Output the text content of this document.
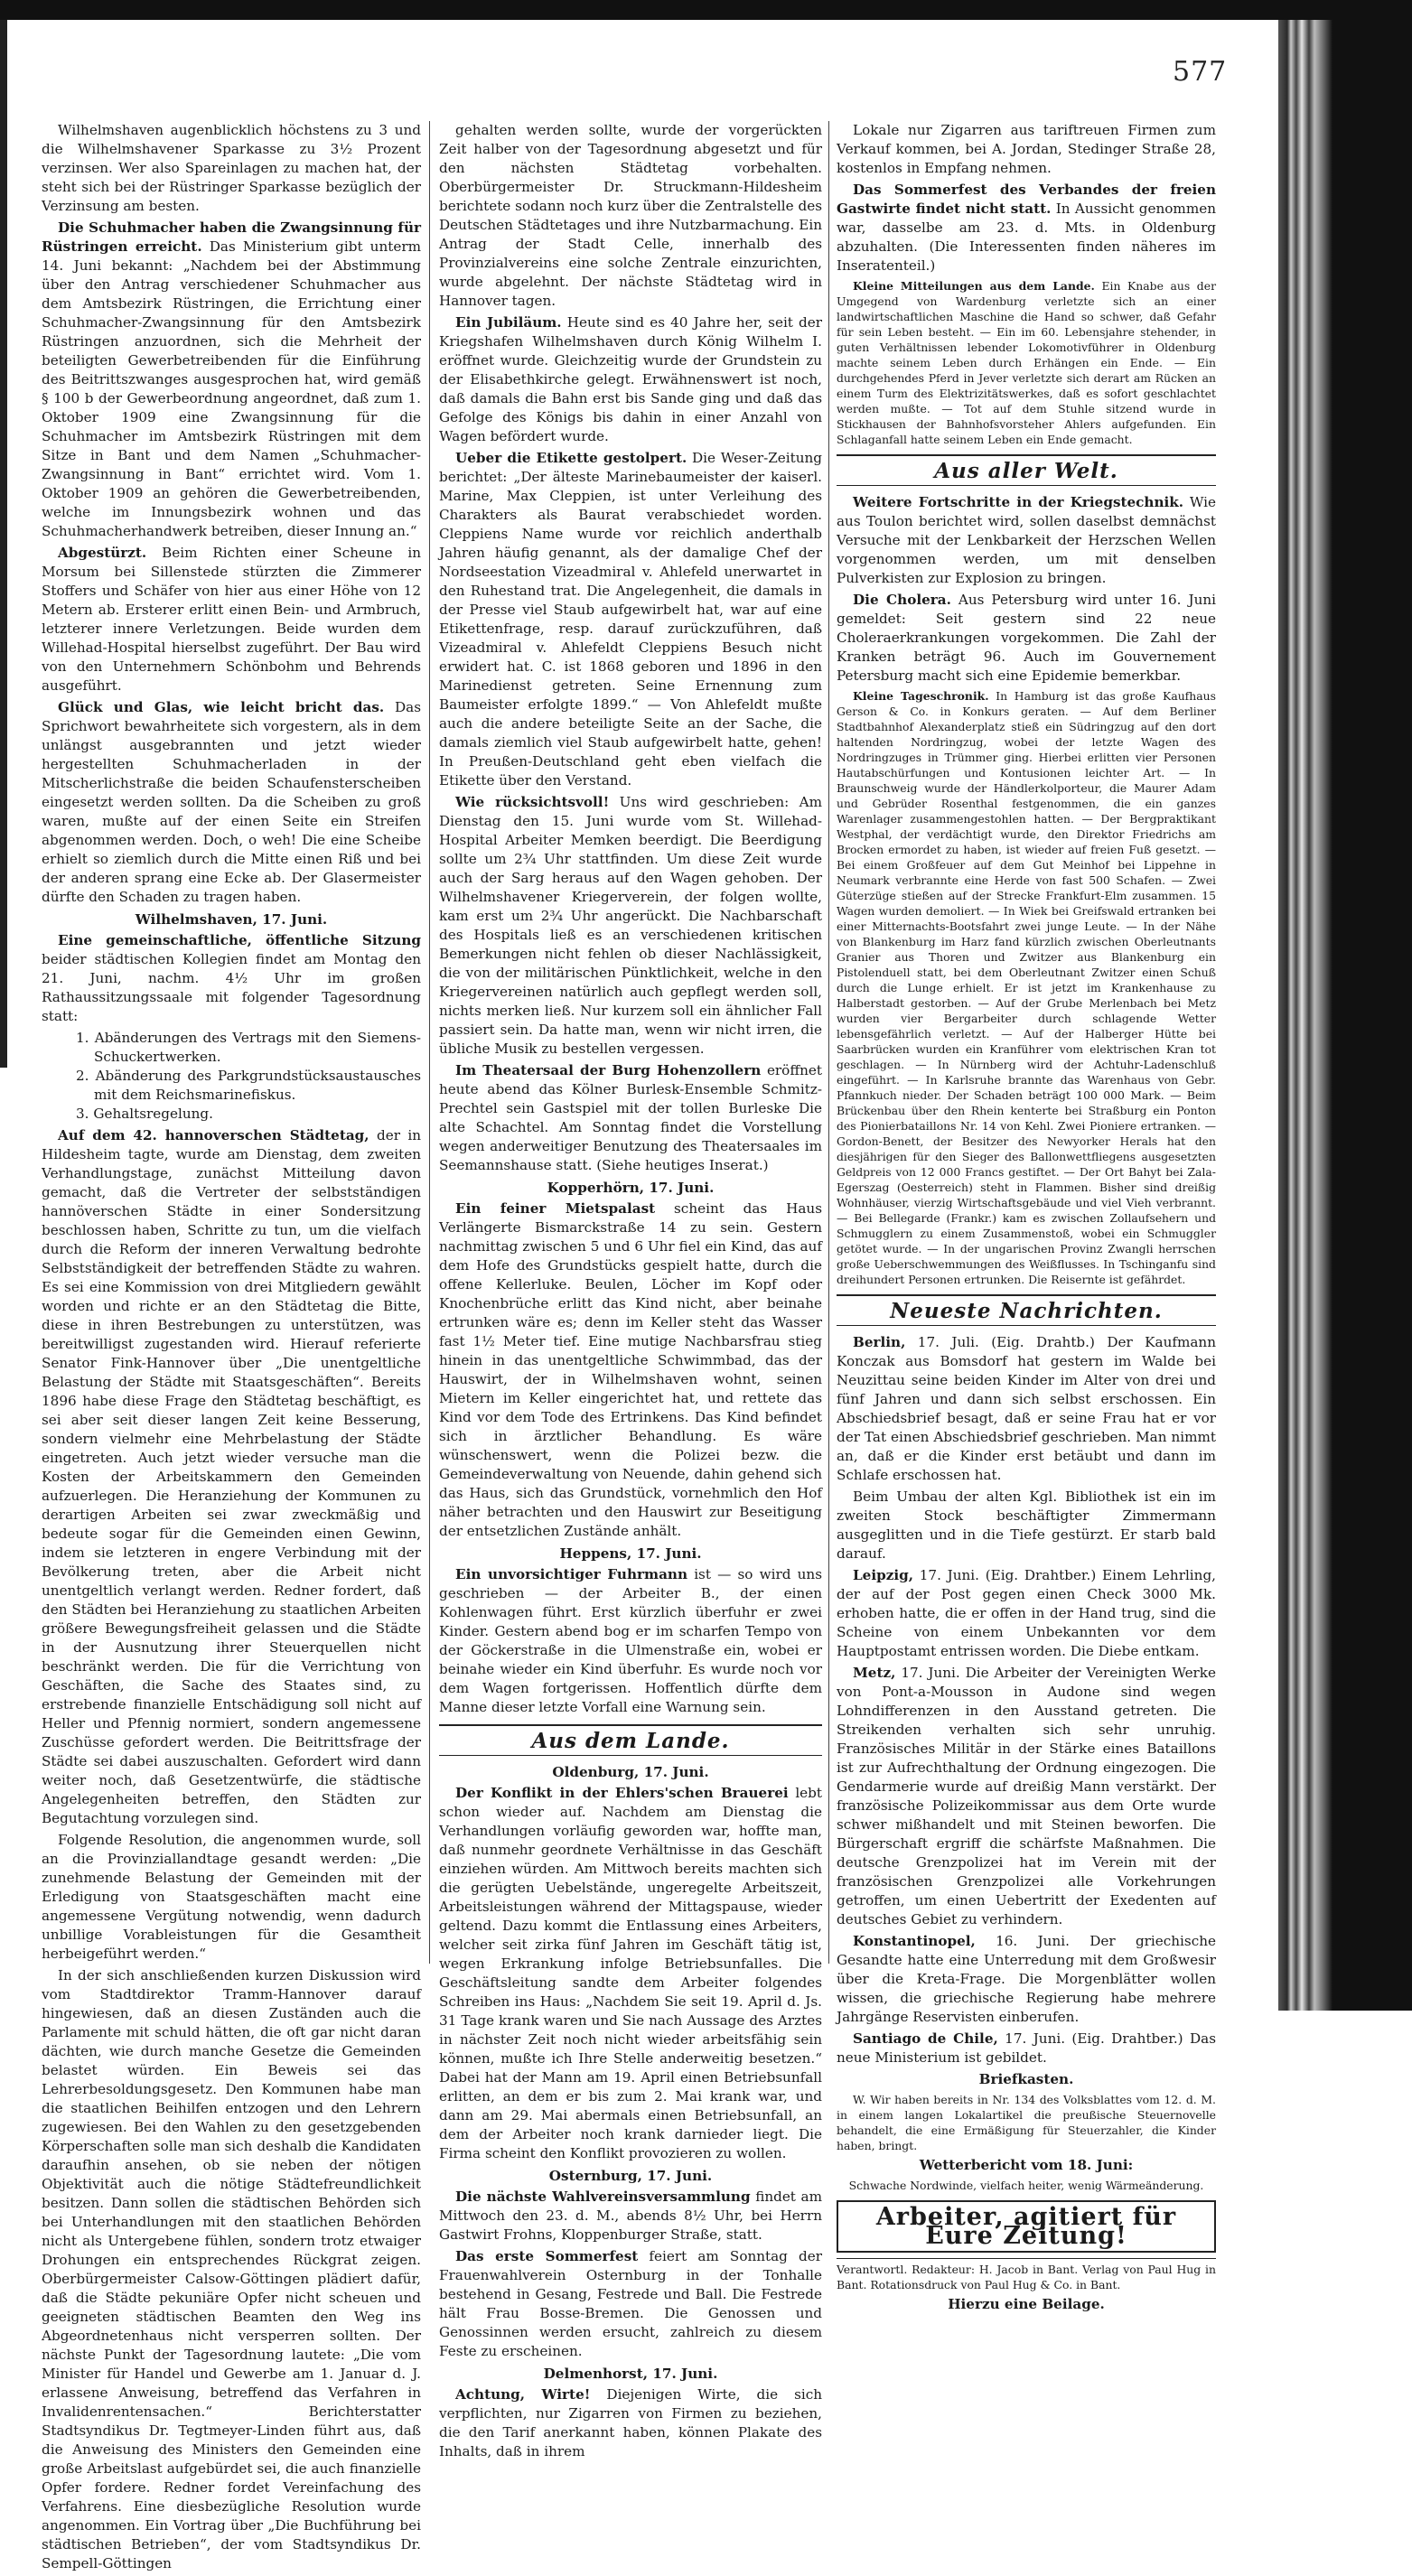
577

Wilhelmshaven augenblicklich höchstens zu 3 und die Wilhelmshavener Sparkasse zu 3½ Prozent verzinsen. Wer also Spareinlagen zu machen hat, der steht sich bei der Rüstringer Sparkasse bezüglich der Verzinsung am besten.

Die Schuhmacher haben die Zwangsinnung für Rüstringen erreicht. Das Ministerium gibt unterm 14. Juni bekannt: „Nachdem bei der Abstimmung über den Antrag verschiedener Schuhmacher aus dem Amtsbezirk Rüstringen, die Errichtung einer Schuhmacher-Zwangsinnung für den Amtsbezirk Rüstringen anzuordnen, sich die Mehrheit der beteiligten Gewerbetreibenden für die Einführung des Beitrittszwanges ausgesprochen hat, wird gemäß § 100 b der Gewerbeordnung angeordnet, daß zum 1. Oktober 1909 eine Zwangsinnung für die Schuhmacher im Amtsbezirk Rüstringen mit dem Sitze in Bant und dem Namen „Schuhmacher-Zwangsinnung in Bant“ errichtet wird. Vom 1. Oktober 1909 an gehören die Gewerbetreibenden, welche im Innungsbezirk wohnen und das Schuhmacherhandwerk betreiben, dieser Innung an.“

Abgestürzt. Beim Richten einer Scheune in Morsum bei Sillenstede stürzten die Zimmerer Stoffers und Schäfer von hier aus einer Höhe von 12 Metern ab. Ersterer erlitt einen Bein- und Armbruch, letzterer innere Verletzungen. Beide wurden dem Willehad-Hospital hierselbst zugeführt. Der Bau wird von den Unternehmern Schönbohm und Behrends ausgeführt.

Glück und Glas, wie leicht bricht das. Das Sprichwort bewahrheitete sich vorgestern, als in dem unlängst ausgebrannten und jetzt wieder hergestellten Schuhmacherladen in der Mitscherlichstraße die beiden Schaufensterscheiben eingesetzt werden sollten. Da die Scheiben zu groß waren, mußte auf der einen Seite ein Streifen abgenommen werden. Doch, o weh! Die eine Scheibe erhielt so ziemlich durch die Mitte einen Riß und bei der anderen sprang eine Ecke ab. Der Glasermeister dürfte den Schaden zu tragen haben.

Wilhelmshaven, 17. Juni.

Eine gemeinschaftliche, öffentliche Sitzung beider städtischen Kollegien findet am Montag den 21. Juni, nachm. 4½ Uhr im großen Rathaussitzungssaale mit folgender Tagesordnung statt:

1. Abänderungen des Vertrags mit den Siemens-Schuckertwerken.
2. Abänderung des Parkgrundstücksaustausches mit dem Reichsmarinefiskus.
3. Gehaltsregelung.

Auf dem 42. hannoverschen Städtetag, der in Hildesheim tagte, wurde am Dienstag, dem zweiten Verhandlungstage, zunächst Mitteilung davon gemacht, daß die Vertreter der selbstständigen hannöverschen Städte in einer Sondersitzung beschlossen haben, Schritte zu tun, um die vielfach durch die Reform der inneren Verwaltung bedrohte Selbstständigkeit der betreffenden Städte zu wahren. Es sei eine Kommission von drei Mitgliedern gewählt worden und richte er an den Städtetag die Bitte, diese in ihren Bestrebungen zu unterstützen, was bereitwilligst zugestanden wird. Hierauf referierte Senator Fink-Hannover über „Die unentgeltliche Belastung der Städte mit Staatsgeschäften“. Bereits 1896 habe diese Frage den Städtetag beschäftigt, es sei aber seit dieser langen Zeit keine Besserung, sondern vielmehr eine Mehrbelastung der Städte eingetreten. Auch jetzt wieder versuche man die Kosten der Arbeitskammern den Gemeinden aufzuerlegen. Die Heranziehung der Kommunen zu derartigen Arbeiten sei zwar zweckmäßig und bedeute sogar für die Gemeinden einen Gewinn, indem sie letzteren in engere Verbindung mit der Bevölkerung treten, aber die Arbeit nicht unentgeltlich verlangt werden. Redner fordert, daß den Städten bei Heranziehung zu staatlichen Arbeiten größere Bewegungsfreiheit gelassen und die Städte in der Ausnutzung ihrer Steuerquellen nicht beschränkt werden. Die für die Verrichtung von Geschäften, die Sache des Staates sind, zu erstrebende finanzielle Entschädigung soll nicht auf Heller und Pfennig normiert, sondern angemessene Zuschüsse gefordert werden. Die Beitrittsfrage der Städte sei dabei auszuschalten. Gefordert wird dann weiter noch, daß Gesetzentwürfe, die städtische Angelegenheiten betreffen, den Städten zur Begutachtung vorzulegen sind.

Folgende Resolution, die angenommen wurde, soll an die Provinziallandtage gesandt werden: „Die zunehmende Belastung der Gemeinden mit der Erledigung von Staatsgeschäften macht eine angemessene Vergütung notwendig, wenn dadurch unbillige Vorableistungen für die Gesamtheit herbeigeführt werden.“

In der sich anschließenden kurzen Diskussion wird vom Stadtdirektor Tramm-Hannover darauf hingewiesen, daß an diesen Zuständen auch die Parlamente mit schuld hätten, die oft gar nicht daran dächten, wie durch manche Gesetze die Gemeinden belastet würden. Ein Beweis sei das Lehrerbesoldungsgesetz. Den Kommunen habe man die staatlichen Beihilfen entzogen und den Lehrern zugewiesen. Bei den Wahlen zu den gesetzgebenden Körperschaften solle man sich deshalb die Kandidaten daraufhin ansehen, ob sie neben der nötigen Objektivität auch die nötige Städtefreundlichkeit besitzen. Dann sollen die städtischen Behörden sich bei Unterhandlungen mit den staatlichen Behörden nicht als Untergebene fühlen, sondern trotz etwaiger Drohungen ein entsprechendes Rückgrat zeigen. Oberbürgermeister Calsow-Göttingen plädiert dafür, daß die Städte pekuniäre Opfer nicht scheuen und geeigneten städtischen Beamten den Weg ins Abgeordnetenhaus nicht versperren sollten. Der nächste Punkt der Tagesordnung lautete: „Die vom Minister für Handel und Gewerbe am 1. Januar d. J. erlassene Anweisung, betreffend das Verfahren in Invalidenrentensachen.“ Berichterstatter Stadtsyndikus Dr. Tegtmeyer-Linden führt aus, daß die Anweisung des Ministers den Gemeinden eine große Arbeitslast aufgebürdet sei, die auch finanzielle Opfer fordere. Redner fordet Vereinfachung des Verfahrens. Eine diesbezügliche Resolution wurde angenommen. Ein Vortrag über „Die Buchführung bei städtischen Betrieben“, der vom Stadtsyndikus Dr. Sempell-Göttingen

gehalten werden sollte, wurde der vorgerückten Zeit halber von der Tagesordnung abgesetzt und für den nächsten Städtetag vorbehalten. Oberbürgermeister Dr. Struckmann-Hildesheim berichtete sodann noch kurz über die Zentralstelle des Deutschen Städtetages und ihre Nutzbarmachung. Ein Antrag der Stadt Celle, innerhalb des Provinzialvereins eine solche Zentrale einzurichten, wurde abgelehnt. Der nächste Städtetag wird in Hannover tagen.

Ein Jubiläum. Heute sind es 40 Jahre her, seit der Kriegshafen Wilhelmshaven durch König Wilhelm I. eröffnet wurde. Gleichzeitig wurde der Grundstein zu der Elisabethkirche gelegt. Erwähnenswert ist noch, daß damals die Bahn erst bis Sande ging und daß das Gefolge des Königs bis dahin in einer Anzahl von Wagen befördert wurde.

Ueber die Etikette gestolpert. Die Weser-Zeitung berichtet: „Der älteste Marinebaumeister der kaiserl. Marine, Max Cleppien, ist unter Verleihung des Charakters als Baurat verabschiedet worden. Cleppiens Name wurde vor reichlich anderthalb Jahren häufig genannt, als der damalige Chef der Nordseestation Vizeadmiral v. Ahlefeld unerwartet in den Ruhestand trat. Die Angelegenheit, die damals in der Presse viel Staub aufgewirbelt hat, war auf eine Etikettenfrage, resp. darauf zurückzuführen, daß Vizeadmiral v. Ahlefeldt Cleppiens Besuch nicht erwidert hat. C. ist 1868 geboren und 1896 in den Marinedienst getreten. Seine Ernennung zum Baumeister erfolgte 1899.“ — Von Ahlefeldt mußte auch die andere beteiligte Seite an der Sache, die damals ziemlich viel Staub aufgewirbelt hatte, gehen! In Preußen-Deutschland geht eben vielfach die Etikette über den Verstand.

Wie rücksichtsvoll! Uns wird geschrieben: Am Dienstag den 15. Juni wurde vom St. Willehad-Hospital Arbeiter Memken beerdigt. Die Beerdigung sollte um 2¾ Uhr stattfinden. Um diese Zeit wurde auch der Sarg heraus auf den Wagen gehoben. Der Wilhelmshavener Kriegerverein, der folgen wollte, kam erst um 2¾ Uhr angerückt. Die Nachbarschaft des Hospitals ließ es an verschiedenen kritischen Bemerkungen nicht fehlen ob dieser Nachlässigkeit, die von der militärischen Pünktlichkeit, welche in den Kriegervereinen natürlich auch gepflegt werden soll, nichts merken ließ. Nur kurzem soll ein ähnlicher Fall passiert sein. Da hatte man, wenn wir nicht irren, die übliche Musik zu bestellen vergessen.

Im Theatersaal der Burg Hohenzollern eröffnet heute abend das Kölner Burlesk-Ensemble Schmitz-Prechtel sein Gastspiel mit der tollen Burleske Die alte Schachtel. Am Sonntag findet die Vorstellung wegen anderweitiger Benutzung des Theatersaales im Seemannshause statt. (Siehe heutiges Inserat.)

Kopperhörn, 17. Juni.

Ein feiner Mietspalast scheint das Haus Verlängerte Bismarckstraße 14 zu sein. Gestern nachmittag zwischen 5 und 6 Uhr fiel ein Kind, das auf dem Hofe des Grundstücks gespielt hatte, durch die offene Kellerluke. Beulen, Löcher im Kopf oder Knochenbrüche erlitt das Kind nicht, aber beinahe ertrunken wäre es; denn im Keller steht das Wasser fast 1½ Meter tief. Eine mutige Nachbarsfrau stieg hinein in das unentgeltliche Schwimmbad, das der Hauswirt, der in Wilhelmshaven wohnt, seinen Mietern im Keller eingerichtet hat, und rettete das Kind vor dem Tode des Ertrinkens. Das Kind befindet sich in ärztlicher Behandlung. Es wäre wünschenswert, wenn die Polizei bezw. die Gemeindeverwaltung von Neuende, dahin gehend sich das Haus, sich das Grundstück, vornehmlich den Hof näher betrachten und den Hauswirt zur Beseitigung der entsetzlichen Zustände anhält.

Heppens, 17. Juni.

Ein unvorsichtiger Fuhrmann ist — so wird uns geschrieben — der Arbeiter B., der einen Kohlenwagen führt. Erst kürzlich überfuhr er zwei Kinder. Gestern abend bog er im scharfen Tempo von der Göckerstraße in die Ulmenstraße ein, wobei er beinahe wieder ein Kind überfuhr. Es wurde noch vor dem Wagen fortgerissen. Hoffentlich dürfte dem Manne dieser letzte Vorfall eine Warnung sein.

Aus dem Lande.

Oldenburg, 17. Juni.

Der Konflikt in der Ehlers'schen Brauerei lebt schon wieder auf. Nachdem am Dienstag die Verhandlungen vorläufig geworden war, hoffte man, daß nunmehr geordnete Verhältnisse in das Geschäft einziehen würden. Am Mittwoch bereits machten sich die gerügten Uebelstände, ungeregelte Arbeitszeit, Arbeitsleistungen während der Mittagspause, wieder geltend. Dazu kommt die Entlassung eines Arbeiters, welcher seit zirka fünf Jahren im Geschäft tätig ist, wegen Erkrankung infolge Betriebsunfalles. Die Geschäftsleitung sandte dem Arbeiter folgendes Schreiben ins Haus: „Nachdem Sie seit 19. April d. Js. 31 Tage krank waren und Sie nach Aussage des Arztes in nächster Zeit noch nicht wieder arbeitsfähig sein können, mußte ich Ihre Stelle anderweitig besetzen.“ Dabei hat der Mann am 19. April einen Betriebsunfall erlitten, an dem er bis zum 2. Mai krank war, und dann am 29. Mai abermals einen Betriebsunfall, an dem der Arbeiter noch krank darnieder liegt. Die Firma scheint den Konflikt provozieren zu wollen.

Osternburg, 17. Juni.

Die nächste Wahlvereinsversammlung findet am Mittwoch den 23. d. M., abends 8½ Uhr, bei Herrn Gastwirt Frohns, Kloppenburger Straße, statt.

Das erste Sommerfest feiert am Sonntag der Frauenwahlverein Osternburg in der Tonhalle bestehend in Gesang, Festrede und Ball. Die Festrede hält Frau Bosse-Bremen. Die Genossen und Genossinnen werden ersucht, zahlreich zu diesem Feste zu erscheinen.

Delmenhorst, 17. Juni.

Achtung, Wirte! Diejenigen Wirte, die sich verpflichten, nur Zigarren von Firmen zu beziehen, die den Tarif anerkannt haben, können Plakate des Inhalts, daß in ihrem

Lokale nur Zigarren aus tariftreuen Firmen zum Verkauf kommen, bei A. Jordan, Stedinger Straße 28, kostenlos in Empfang nehmen.

Das Sommerfest des Verbandes der freien Gastwirte findet nicht statt. In Aussicht genommen war, dasselbe am 23. d. Mts. in Oldenburg abzuhalten. (Die Interessenten finden näheres im Inseratenteil.)

Kleine Mitteilungen aus dem Lande. Ein Knabe aus der Umgegend von Wardenburg verletzte sich an einer landwirtschaftlichen Maschine die Hand so schwer, daß Gefahr für sein Leben besteht. — Ein im 60. Lebensjahre stehender, in guten Verhältnissen lebender Lokomotivführer in Oldenburg machte seinem Leben durch Erhängen ein Ende. — Ein durchgehendes Pferd in Jever verletzte sich derart am Rücken an einem Turm des Elektrizitätswerkes, daß es sofort geschlachtet werden mußte. — Tot auf dem Stuhle sitzend wurde in Stickhausen der Bahnhofsvorsteher Ahlers aufgefunden. Ein Schlaganfall hatte seinem Leben ein Ende gemacht.

Aus aller Welt.

Weitere Fortschritte in der Kriegstechnik. Wie aus Toulon berichtet wird, sollen daselbst demnächst Versuche mit der Lenkbarkeit der Herzschen Wellen vorgenommen werden, um mit denselben Pulverkisten zur Explosion zu bringen.

Die Cholera. Aus Petersburg wird unter 16. Juni gemeldet: Seit gestern sind 22 neue Cholerаerkrankungen vorgekommen. Die Zahl der Kranken beträgt 96. Auch im Gouvernement Petersburg macht sich eine Epidemie bemerkbar.

Kleine Tageschronik. In Hamburg ist das große Kaufhaus Gerson & Co. in Konkurs geraten. — Auf dem Berliner Stadtbahnhof Alexanderplatz stieß ein Südringzug auf den dort haltenden Nordringzug, wobei der letzte Wagen des Nordringzuges in Trümmer ging. Hierbei erlitten vier Personen Hautabschürfungen und Kontusionen leichter Art. — In Braunschweig wurde der Händlerkolporteur, die Maurer Adam und Gebrüder Rosenthal festgenommen, die ein ganzes Warenlager zusammengestohlen hatten. — Der Bergpraktikant Westphal, der verdächtigt wurde, den Direktor Friedrichs am Brocken ermordet zu haben, ist wieder auf freien Fuß gesetzt. — Bei einem Großfeuer auf dem Gut Meinhof bei Lippehne in Neumark verbrannte eine Herde von fast 500 Schafen. — Zwei Güterzüge stießen auf der Strecke Frankfurt-Elm zusammen. 15 Wagen wurden demoliert. — In Wiek bei Greifswald ertranken bei einer Mitternachts-Bootsfahrt zwei junge Leute. — In der Nähe von Blankenburg im Harz fand kürzlich zwischen Oberleutnants Granier aus Thoren und Zwitzer aus Blankenburg ein Pistolenduell statt, bei dem Oberleutnant Zwitzer einen Schuß durch die Lunge erhielt. Er ist jetzt im Krankenhause zu Halberstadt gestorben. — Auf der Grube Merlenbach bei Metz wurden vier Bergarbeiter durch schlagende Wetter lebensgefährlich verletzt. — Auf der Halberger Hütte bei Saarbrücken wurden ein Kranführer vom elektrischen Kran tot geschlagen. — In Nürnberg wird der Achtuhr-Ladenschluß eingeführt. — In Karlsruhe brannte das Warenhaus von Gebr. Pfannkuch nieder. Der Schaden beträgt 100 000 Mark. — Beim Brückenbau über den Rhein kenterte bei Straßburg ein Ponton des Pionierbataillons Nr. 14 von Kehl. Zwei Pioniere ertranken. — Gordon-Benett, der Besitzer des Newyorker Herals hat den diesjährigen für den Sieger des Ballonwettfliegens ausgesetzten Geldpreis von 12 000 Francs gestiftet. — Der Ort Bahyt bei Zala-Egerszag (Oesterreich) steht in Flammen. Bisher sind dreißig Wohnhäuser, vierzig Wirtschaftsgebäude und viel Vieh verbrannt. — Bei Bellegarde (Frankr.) kam es zwischen Zollaufsehern und Schmugglern zu einem Zusammenstoß, wobei ein Schmuggler getötet wurde. — In der ungarischen Provinz Zwangli herrschen große Ueberschwemmungen des Weißflusses. In Tschinganfu sind dreihundert Personen ertrunken. Die Reisernte ist gefährdet.

Neueste Nachrichten.

Berlin, 17. Juli. (Eig. Drahtb.) Der Kaufmann Konczak aus Bomsdorf hat gestern im Walde bei Neuzittau seine beiden Kinder im Alter von drei und fünf Jahren und dann sich selbst erschossen. Ein Abschiedsbrief besagt, daß er seine Frau hat er vor der Tat einen Abschiedsbrief geschrieben. Man nimmt an, daß er die Kinder erst betäubt und dann im Schlafe erschossen hat.

Beim Umbau der alten Kgl. Bibliothek ist ein im zweiten Stock beschäftigter Zimmermann ausgeglitten und in die Tiefe gestürzt. Er starb bald darauf.

Leipzig, 17. Juni. (Eig. Drahtber.) Einem Lehrling, der auf der Post gegen einen Check 3000 Mk. erhoben hatte, die er offen in der Hand trug, sind die Scheine von einem Unbekannten vor dem Hauptpostamt entrissen worden. Die Diebe entkam.

Metz, 17. Juni. Die Arbeiter der Vereinigten Werke von Pont-a-Mousson in Audone sind wegen Lohndifferenzen in den Ausstand getreten. Die Streikenden verhalten sich sehr unruhig. Französisches Militär in der Stärke eines Bataillons ist zur Aufrechthaltung der Ordnung eingezogen. Die Gendarmerie wurde auf dreißig Mann verstärkt. Der französische Polizeikommissar aus dem Orte wurde schwer mißhandelt und mit Steinen beworfen. Die Bürgerschaft ergriff die schärfste Maßnahmen. Die deutsche Grenzpolizei hat im Verein mit der französischen Grenzpolizei alle Vorkehrungen getroffen, um einen Uebertritt der Exedenten auf deutsches Gebiet zu verhindern.

Konstantinopel, 16. Juni. Der griechische Gesandte hatte eine Unterredung mit dem Großwesir über die Kreta-Frage. Die Morgenblätter wollen wissen, die griechische Regierung habe mehrere Jahrgänge Reservisten einberufen.

Santiago de Chile, 17. Juni. (Eig. Drahtber.) Das neue Ministerium ist gebildet.

Briefkasten.

W. Wir haben bereits in Nr. 134 des Volksblattes vom 12. d. M. in einem langen Lokalartikel die preußische Steuernovelle behandelt, die eine Ermäßigung für Steuerzahler, die Kinder haben, bringt.

Wetterbericht vom 18. Juni:

Schwache Nordwinde, vielfach heiter, wenig Wärmeänderung.

Arbeiter, agitiert für Eure Zeitung!

Verantwortl. Redakteur: H. Jacob in Bant. Verlag von Paul Hug in Bant. Rotationsdruck von Paul Hug & Co. in Bant.

Hierzu eine Beilage.
